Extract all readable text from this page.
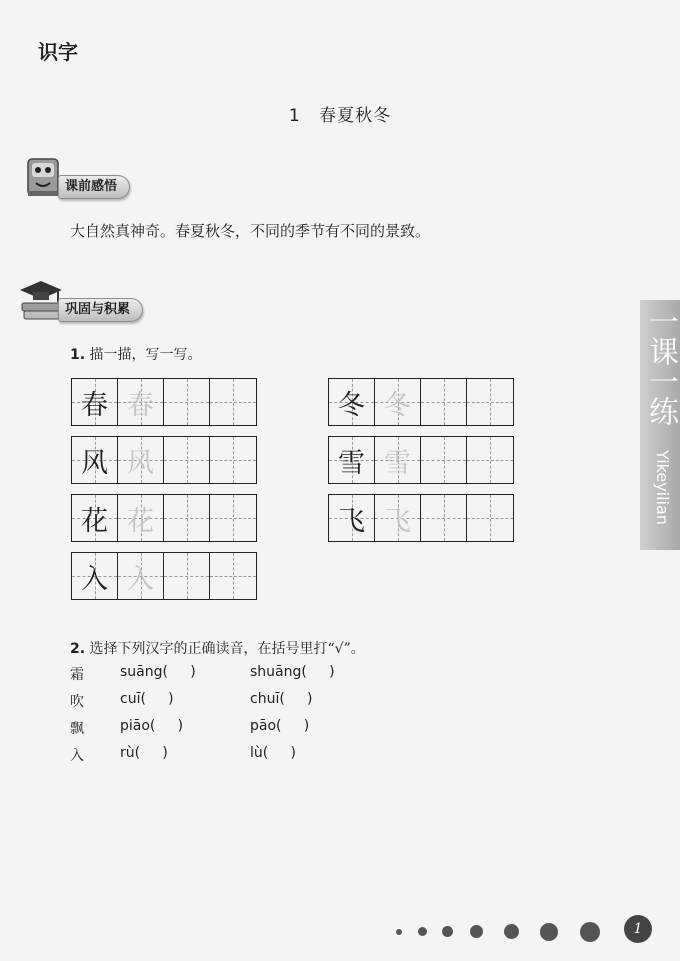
识字
1 春夏秋冬
课前感悟
大自然真神奇。春夏秋冬，不同的季节有不同的景致。
巩固与积累
1. 描一描，写一写。
春 春
风 风
花 花
入 入
冬 冬
雪 雪
飞 飞
2. 选择下列汉字的正确读音，在括号里打“√”。
霜	suāng(     )	shuāng(     )
吹	cuī(     )	chuī(     )
飘	piāo(     )	pāo(     )
入	rù(     )	lù(     )
一课一练
Yikeyilian
1
